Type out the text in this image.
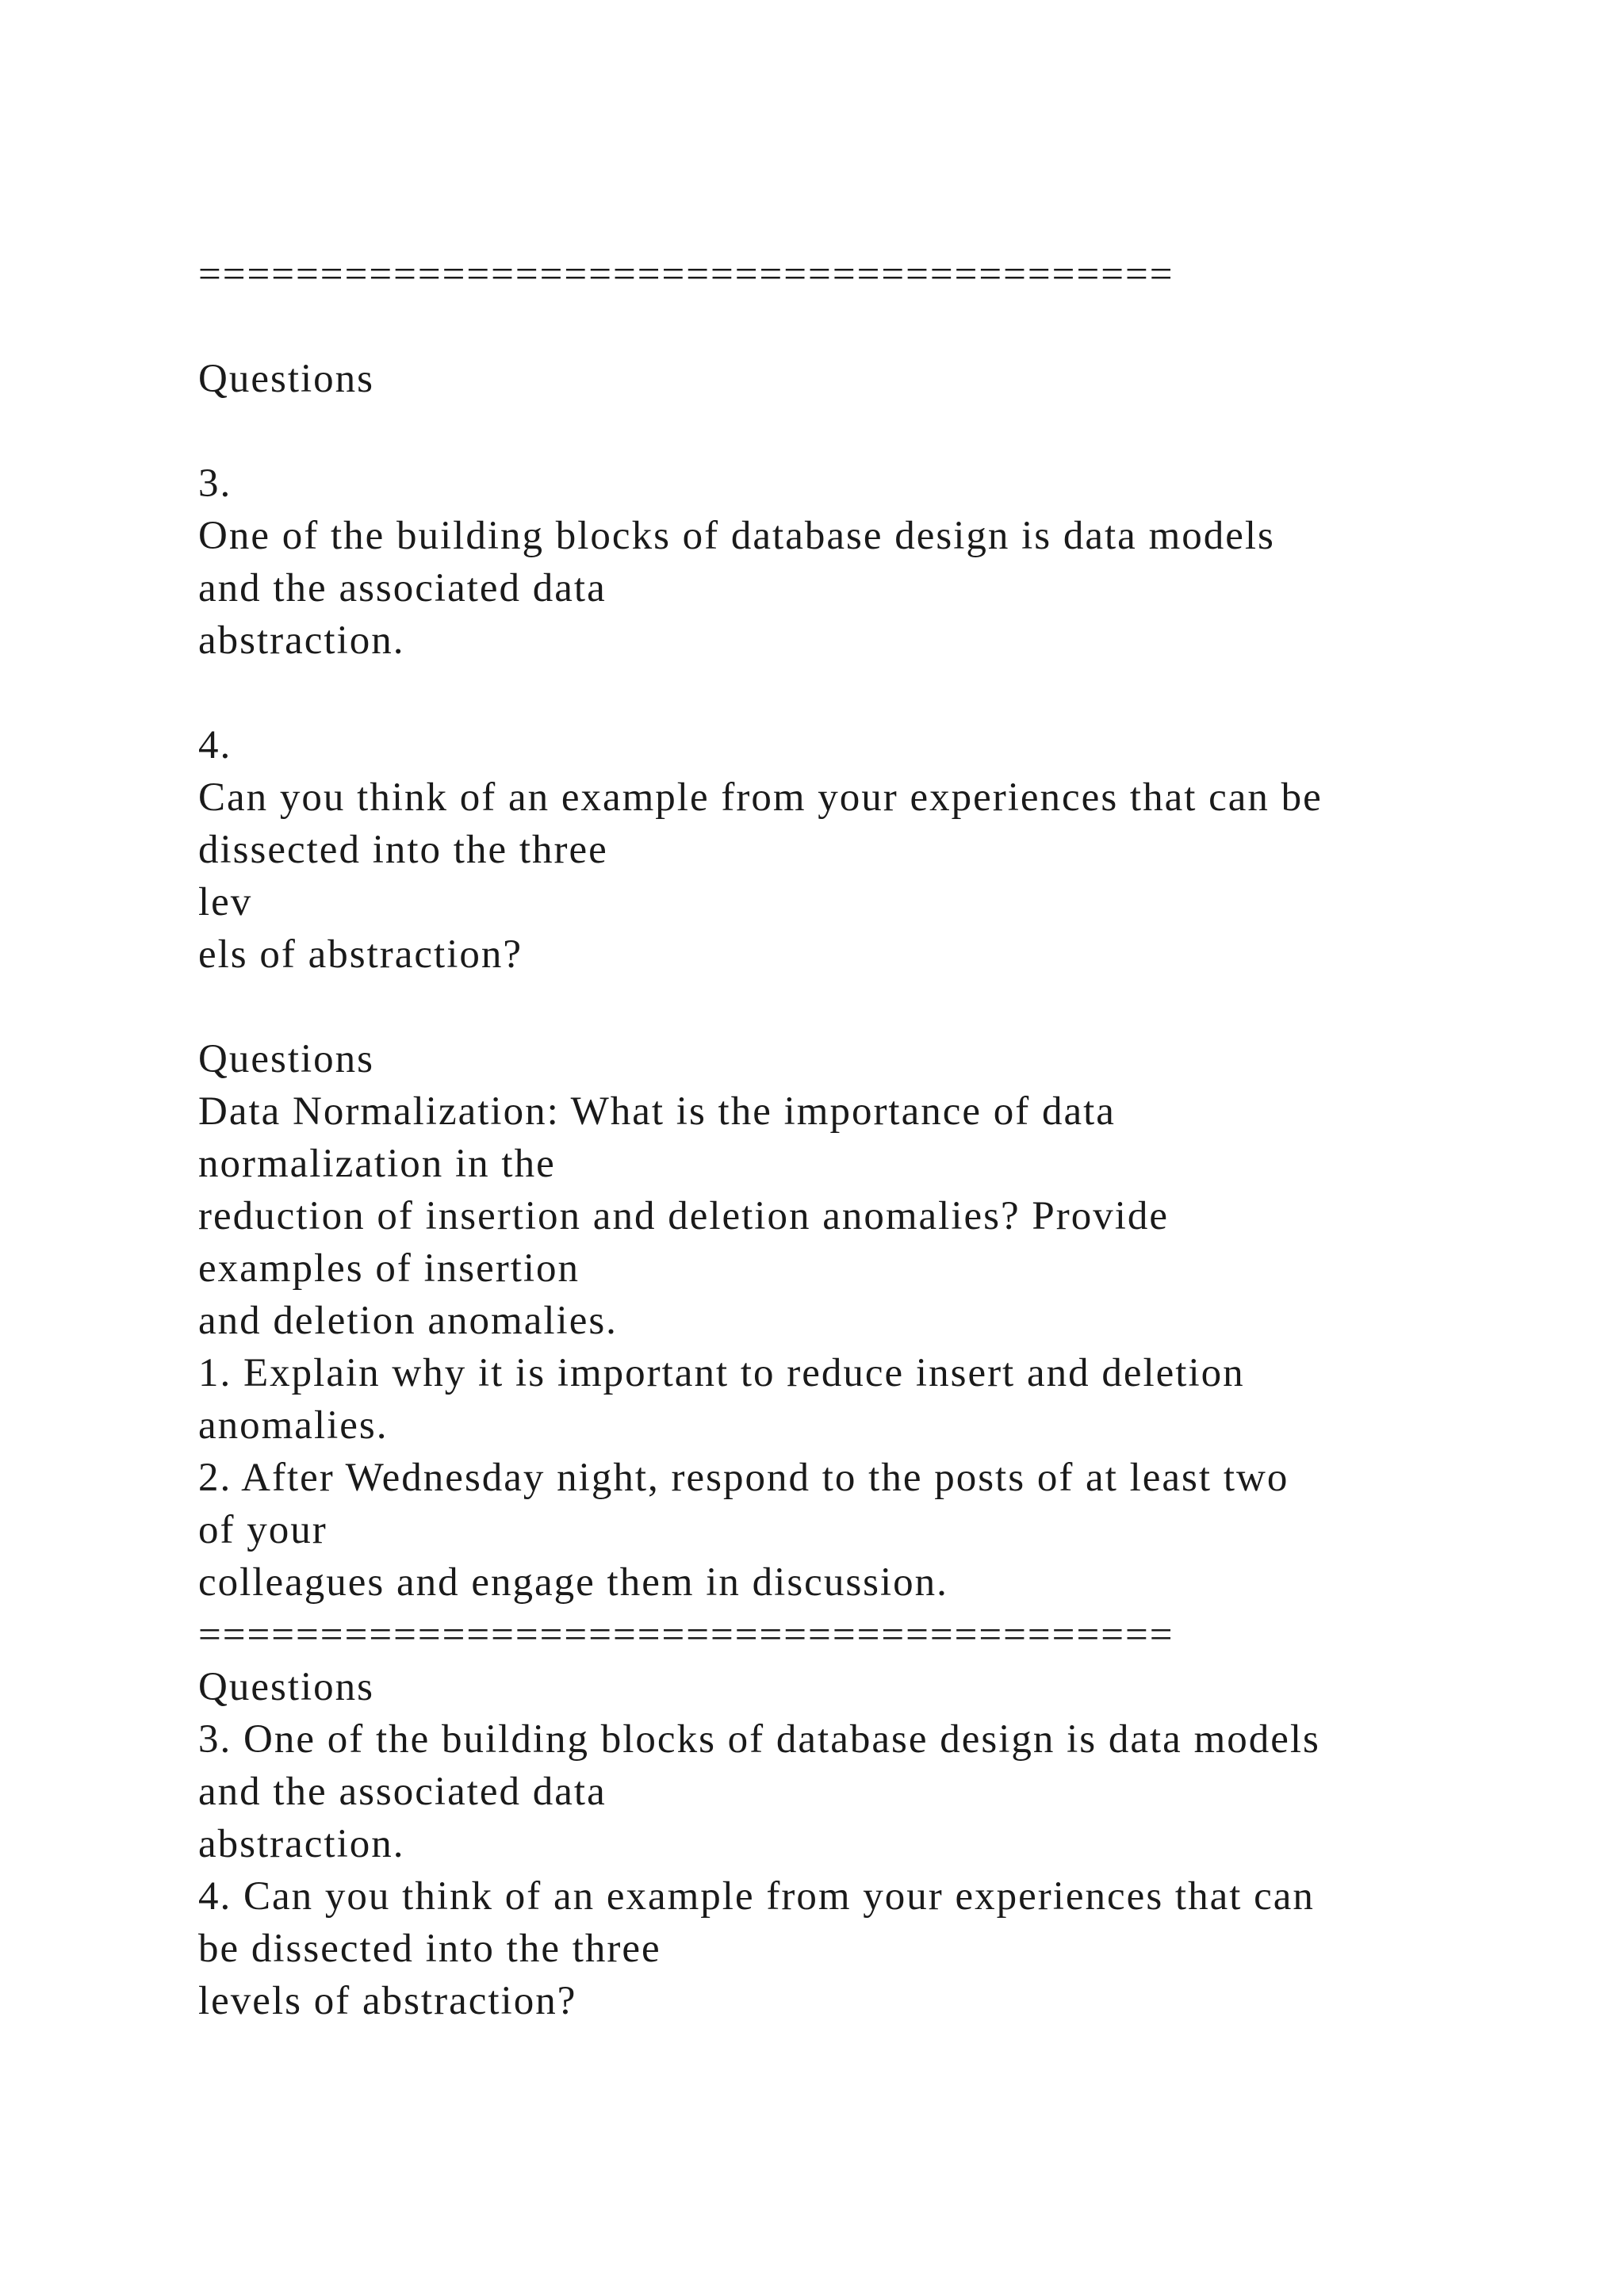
========================================

Questions

3.

One of the building blocks of database design is data models

and the associated data

abstraction.

4.

Can you think of an example from your experiences that can be

dissected into the three

lev

els of abstraction?

Questions

Data Normalization: What is the importance of data

normalization in the

reduction of insertion and deletion anomalies? Provide

examples of insertion

and deletion anomalies.

1. Explain why it is important to reduce insert and deletion

anomalies.

2. After Wednesday night, respond to the posts of at least two

of your

colleagues and engage them in discussion.

========================================

Questions

3. One of the building blocks of database design is data models

and the associated data

abstraction.

4. Can you think of an example from your experiences that can

be dissected into the three

levels of abstraction?
